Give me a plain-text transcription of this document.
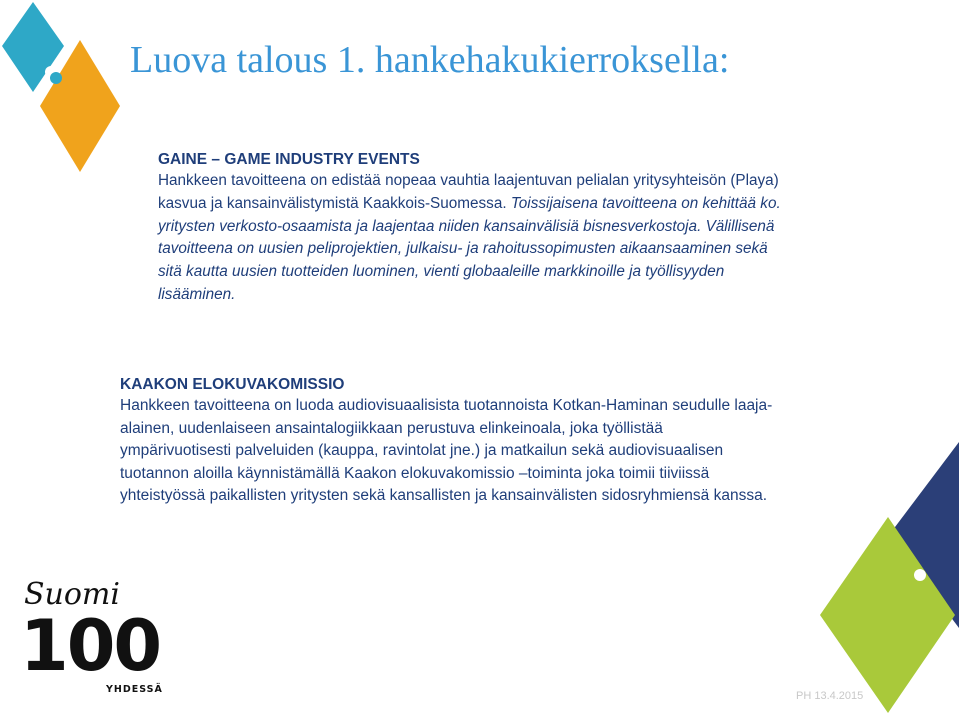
Luova talous 1. hankehakukierroksella:
GAINE – GAME INDUSTRY EVENTS
Hankkeen tavoitteena on edistää nopeaa vauhtia laajentuvan pelialan yritysyhteisön (Playa)
kasvua ja kansainvälistymistä Kaakkois-Suomessa. Toissijaisena tavoitteena on kehittää ko.
yritysten verkosto-osaamista ja laajentaa niiden kansainvälisiä bisnesverkostoja. Välillisenä
tavoitteena on uusien peliprojektien, julkaisu- ja rahoitussopimusten aikaansaaminen sekä
sitä kautta uusien tuotteiden luominen, vienti globaaleille markkinoille ja työllisyyden
lisääminen.
KAAKON ELOKUVAKOMISSIO
Hankkeen tavoitteena on luoda audiovisuaalisista tuotannoista Kotkan-Haminan seudulle laaja-
alainen, uudenlaiseen ansaintalogiikkaan perustuva elinkeinoala, joka työllistää
ympärivuotisesti palveluiden (kauppa, ravintolat jne.) ja matkailun sekä audiovisuaalisen
tuotannon aloilla käynnistämällä Kaakon elokuvakomissio –toiminta joka toimii tiiviissä
yhteistyössä paikallisten yritysten sekä kansallisten ja kansainvälisten sidosryhmiensä kanssa.
Suomi
100
YHDESSÄ
PH 13.4.2015
